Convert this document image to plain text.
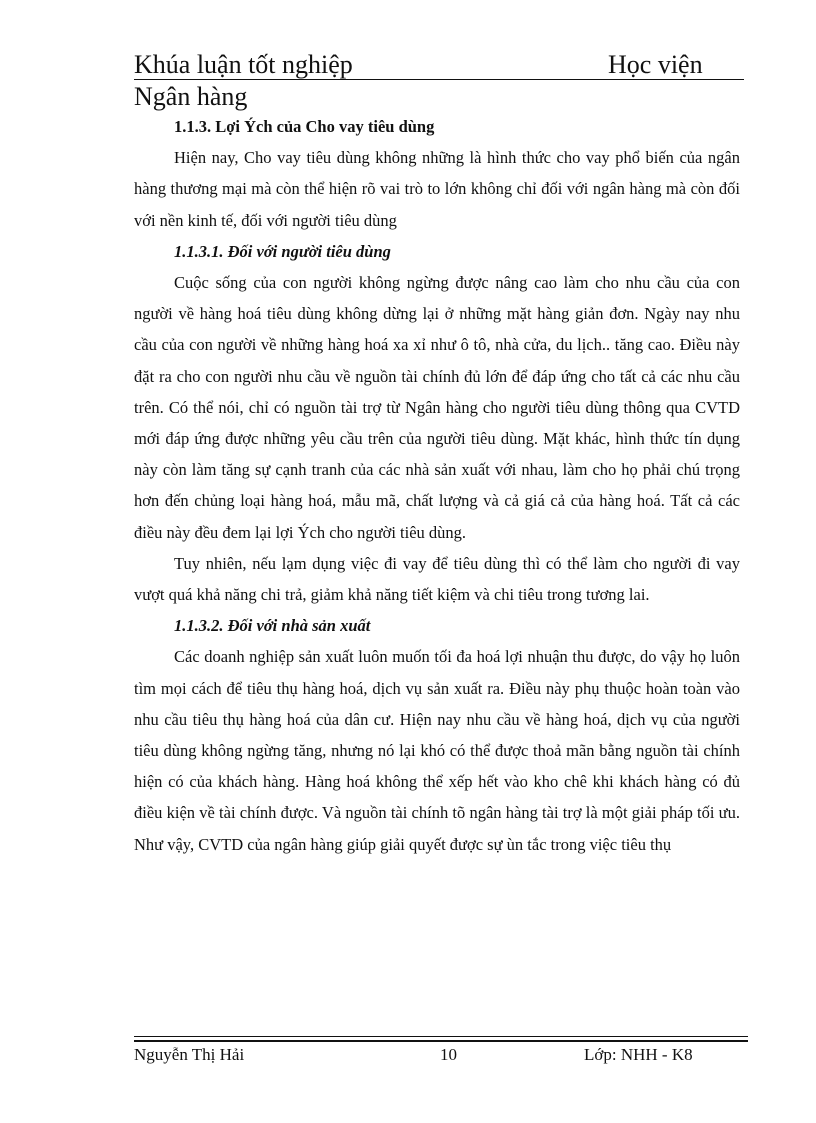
Khúa luận tốt nghiệp	Học viện
Ngân hàng

1.1.3. Lợi Ých của Cho vay tiêu dùng

Hiện nay, Cho vay tiêu dùng không những là hình thức cho vay phổ biến của ngân hàng thương mại mà còn thể hiện rõ vai trò to lớn không chỉ đối với ngân hàng mà còn đối với nền kinh tế, đối với người tiêu dùng

1.1.3.1. Đối với người tiêu dùng

Cuộc sống của con người không ngừng được nâng cao làm cho nhu cầu của con người về hàng hoá tiêu dùng không dừng lại ở những mặt hàng giản đơn. Ngày nay nhu cầu của con người về những hàng hoá xa xỉ như ô tô, nhà cửa, du lịch.. tăng cao. Điều này đặt ra cho con người nhu cầu về nguồn tài chính đủ lớn để đáp ứng cho tất cả các nhu cầu trên. Có thể nói, chỉ có nguồn tài trợ từ Ngân hàng cho người tiêu dùng thông qua CVTD mới đáp ứng được những yêu cầu trên của người tiêu dùng. Mặt khác, hình thức tín dụng này còn làm tăng sự cạnh tranh của các nhà sản xuất với nhau, làm cho họ phải chú trọng hơn đến chủng loại hàng hoá, mẫu mã, chất lượng và cả giá cả của hàng hoá. Tất cả các điều này đều đem lại lợi Ých cho người tiêu dùng.

Tuy nhiên, nếu lạm dụng việc đi vay để tiêu dùng thì có thể làm cho người đi vay vượt quá khả năng chi trả, giảm khả năng tiết kiệm và chi tiêu trong tương lai.

1.1.3.2. Đối với nhà sản xuất

Các doanh nghiệp sản xuất luôn muốn tối đa hoá lợi nhuận thu được, do vậy họ luôn tìm mọi cách để tiêu thụ hàng hoá, dịch vụ sản xuất ra. Điều này phụ thuộc hoàn toàn vào nhu cầu tiêu thụ hàng hoá của dân cư. Hiện nay nhu cầu về hàng hoá, dịch vụ của người tiêu dùng không ngừng tăng, nhưng nó lại khó có thể được thoả mãn bằng nguồn tài chính hiện có của khách hàng. Hàng hoá không thể xếp hết vào kho chê khi khách hàng có đủ điều kiện về tài chính được. Và nguồn tài chính tõ ngân hàng tài trợ là một giải pháp tối ưu. Như vậy, CVTD của ngân hàng giúp giải quyết được sự ùn tắc trong việc tiêu thụ

Nguyễn Thị Hải	10	Lớp: NHH - K8
